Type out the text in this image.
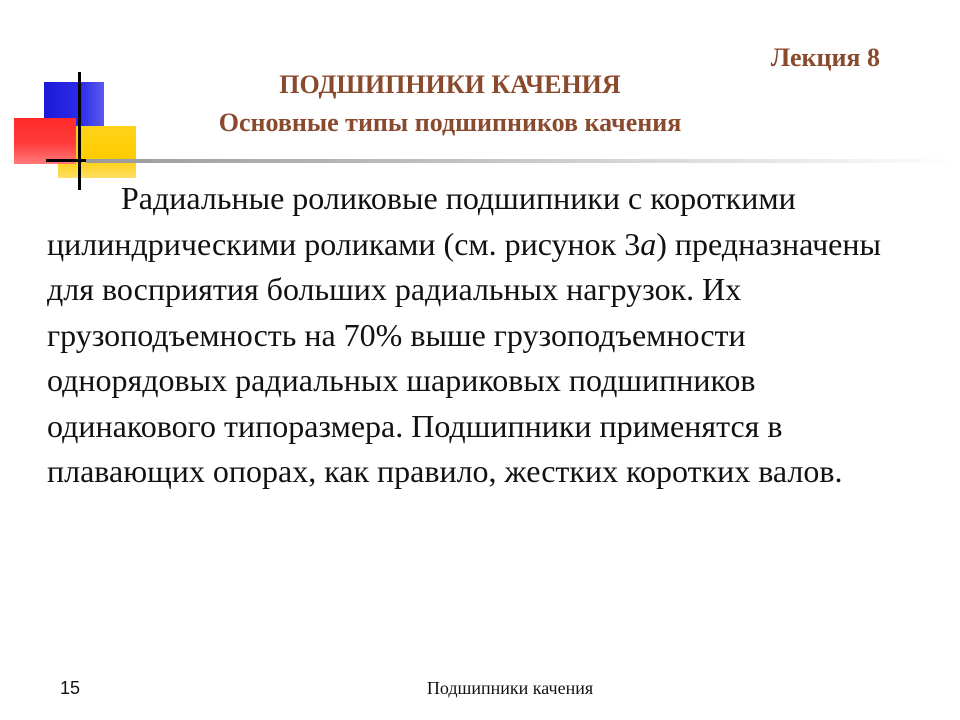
Лекция 8
ПОДШИПНИКИ КАЧЕНИЯ
Основные типы подшипников качения

Радиальные роликовые подшипники с короткими цилиндрическими роликами (см. рисунок 3а) предназначены для восприятия больших радиальных нагрузок. Их грузоподъемность на 70% выше грузоподъемности однорядовых радиальных шариковых подшипников одинакового типоразмера. Подшипники применятся в плавающих опорах, как правило, жестких коротких валов.

15	Подшипники качения
